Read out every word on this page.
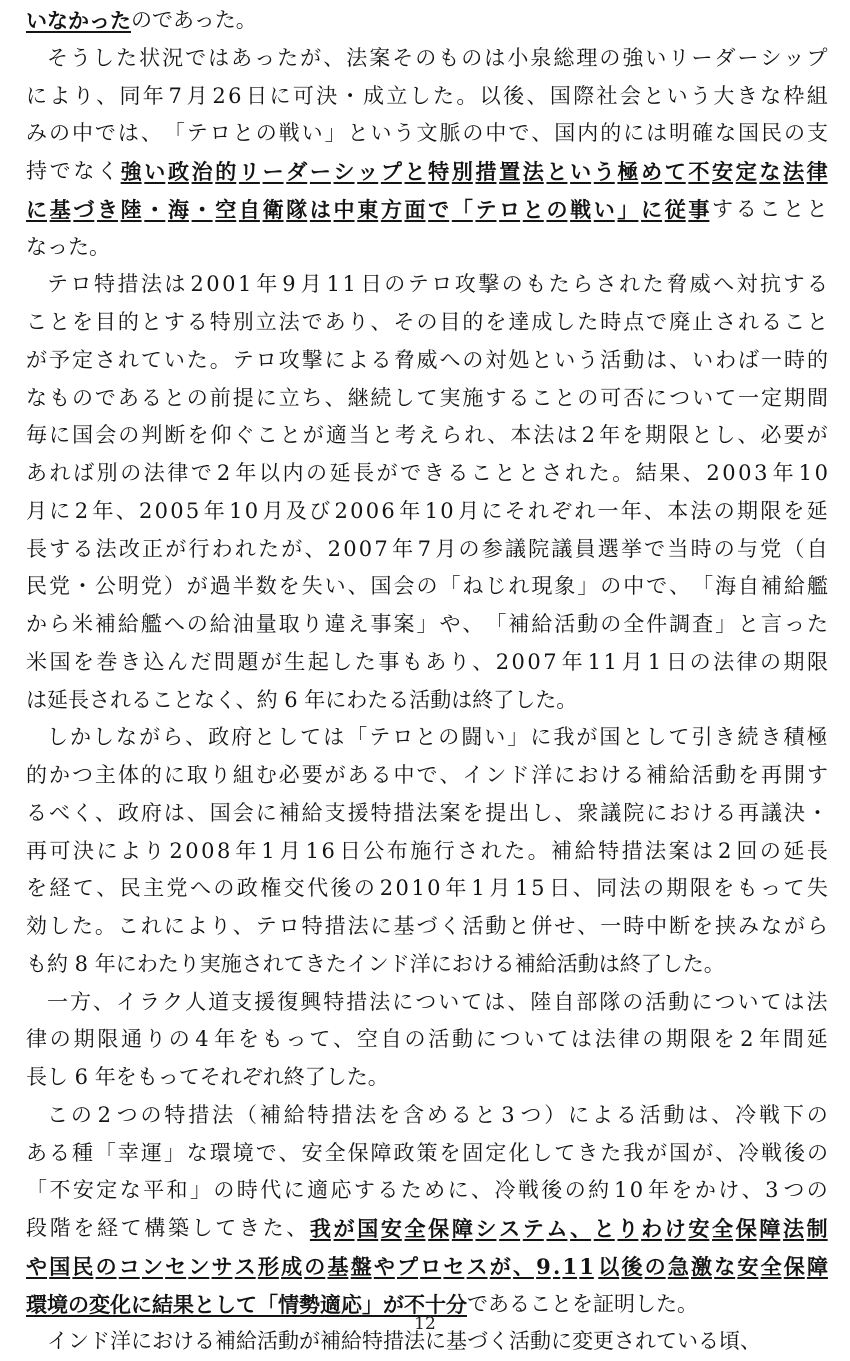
いなかった のであった。
そ う し た 状 況 で は あ っ た が 、 法 案 そ の も の は 小 泉 総 理 の 強 い リ ー ダ ー シ ッ プ
に よ り 、 同 年 7 月 2 6 日 に 可 決 ・ 成 立 し た 。 以 後 、 国 際 社 会 と い う 大 き な 枠 組
み の 中 で は 、 「 テ ロ と の 戦 い 」 と い う 文 脈 の 中 で 、 国 内 的 に は 明 確 な 国 民 の 支
持 で な く 強 い 政 治 的 リ ー ダ ー シ ッ プ と 特 別 措 置 法 と い う 極 め て 不 安 定 な 法 律
に 基 づ き 陸 ・ 海 ・ 空 自 衛 隊 は 中 東 方 面 で 「 テ ロ と の 戦 い 」 に 従 事 す る こ と と
なった。
テ ロ 特 措 法 は 2 0 0 1 年 9 月 1 1 日 の テ ロ 攻 撃 の も た ら さ れ た 脅 威 へ 対 抗 す る
こ と を 目 的 と す る 特 別 立 法 で あ り 、 そ の 目 的 を 達 成 し た 時 点 で 廃 止 さ れ る こ と
が 予 定 さ れ て い た 。 テ ロ 攻 撃 に よ る 脅 威 へ の 対 処 と い う 活 動 は 、 い わ ば 一 時 的
な も の で あ る と の 前 提 に 立 ち 、 継 続 し て 実 施 す る こ と の 可 否 に つ い て 一 定 期 間
毎 に 国 会 の 判 断 を 仰 ぐ こ と が 適 当 と 考 え ら れ 、 本 法 は 2 年 を 期 限 と し 、 必 要 が
あ れ ば 別 の 法 律 で 2 年 以 内 の 延 長 が で き る こ と と さ れ た 。 結 果 、 2 0 0 3 年 1 0
月 に 2 年 、 2 0 0 5 年 1 0 月 及 び 2 0 0 6 年 1 0 月 に そ れ ぞ れ 一 年 、 本 法 の 期 限 を 延
長 す る 法 改 正 が 行 わ れ た が 、 2 0 0 7 年 7 月 の 参 議 院 議 員 選 挙 で 当 時 の 与 党 （ 自
民 党 ・ 公 明 党 ） が 過 半 数 を 失 い 、 国 会 の 「 ね じ れ 現 象 」 の 中 で 、 「 海 自 補 給 艦
か ら 米 補 給 艦 へ の 給 油 量 取 り 違 え 事 案 」 や 、 「 補 給 活 動 の 全 件 調 査 」 と 言 っ た
米 国 を 巻 き 込 ん だ 問 題 が 生 起 し た 事 も あ り 、 2 0 0 7 年 1 1 月 1 日 の 法 律 の 期 限
は延長されることなく、約 6 年にわたる活動は終了した。
し か し な が ら 、 政 府 と し て は 「 テ ロ と の 闘 い 」 に 我 が 国 と し て 引 き 続 き 積 極
的 か つ 主 体 的 に 取 り 組 む 必 要 が あ る 中 で 、 イ ン ド 洋 に お け る 補 給 活 動 を 再 開 す
る べ く 、 政 府 は 、 国 会 に 補 給 支 援 特 措 法 案 を 提 出 し 、 衆 議 院 に お け る 再 議 決 ・
再 可 決 に よ り 2 0 0 8 年 1 月 1 6 日 公 布 施 行 さ れ た 。 補 給 特 措 法 案 は 2 回 の 延 長
を 経 て 、 民 主 党 へ の 政 権 交 代 後 の 2 0 1 0 年 1 月 1 5 日 、 同 法 の 期 限 を も っ て 失
効 し た 。 こ れ に よ り 、 テ ロ 特 措 法 に 基 づ く 活 動 と 併 せ 、 一 時 中 断 を 挟 み な が ら
も約 8 年にわたり実施されてきたインド洋における補給活動は終了した。
一 方 、 イ ラ ク 人 道 支 援 復 興 特 措 法 に つ い て は 、 陸 自 部 隊 の 活 動 に つ い て は 法
律 の 期 限 通 り の 4 年 を も っ て 、 空 自 の 活 動 に つ い て は 法 律 の 期 限 を 2 年 間 延
長し 6 年をもってそれぞれ終了した。
こ の 2 つ の 特 措 法 （ 補 給 特 措 法 を 含 め る と 3 つ ） に よ る 活 動 は 、 冷 戦 下 の
あ る 種 「 幸 運 」 な 環 境 で 、 安 全 保 障 政 策 を 固 定 化 し て き た 我 が 国 が 、 冷 戦 後 の
「 不 安 定 な 平 和 」 の 時 代 に 適 応 す る た め に 、 冷 戦 後 の 約 1 0 年 を か け 、 3 つ の
段 階 を 経 て 構 築 し て き た 、 我 が 国 安 全 保 障 シ ス テ ム 、 と り わ け 安 全 保 障 法 制
や 国 民 の コ ン セ ン サ ス 形 成 の 基 盤 や プ ロ セ ス が 、 9 . 1 1 以 後 の 急 激 な 安 全 保 障
環境の変化に結果として「情勢適応」が不十分 であることを証明した。
インド洋における補給活動が補給特措法に基づく活動に変更されている頃、
12
